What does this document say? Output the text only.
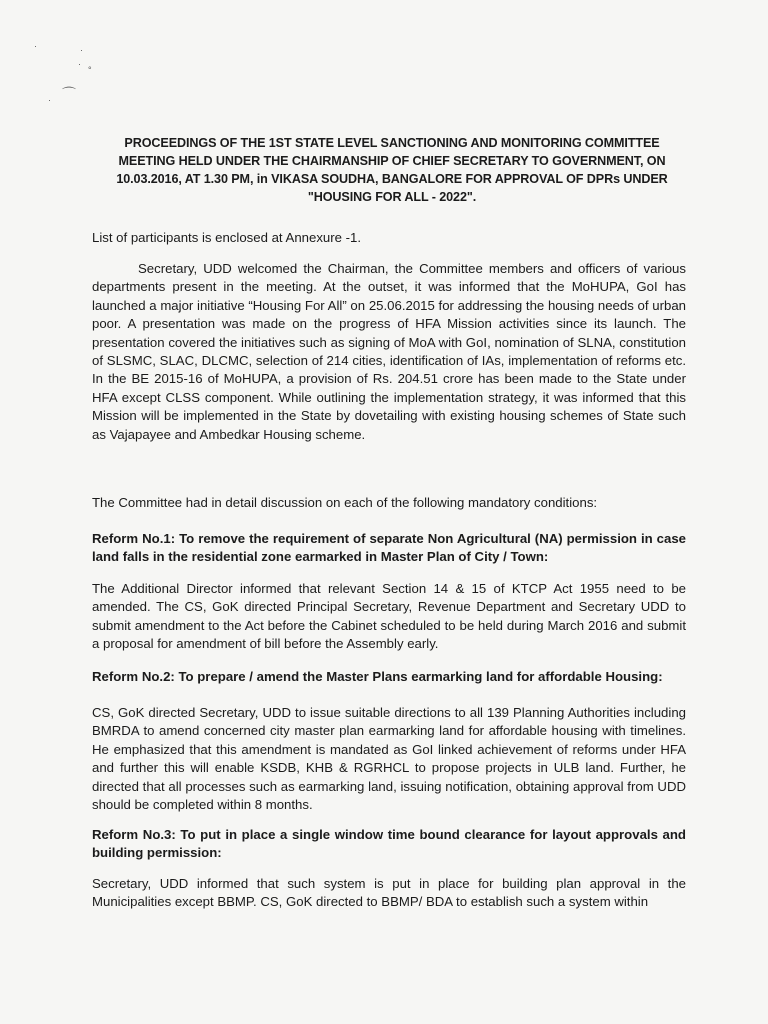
·	·
·
°
· ⌒
PROCEEDINGS OF THE 1ST STATE LEVEL SANCTIONING AND MONITORING COMMITTEE MEETING HELD UNDER THE CHAIRMANSHIP OF CHIEF SECRETARY TO GOVERNMENT, ON 10.03.2016, AT 1.30 PM, in VIKASA SOUDHA, BANGALORE FOR APPROVAL OF DPRs UNDER "HOUSING FOR ALL - 2022".
List of participants is enclosed at Annexure -1.
Secretary, UDD welcomed the Chairman, the Committee members and officers of various departments present in the meeting. At the outset, it was informed that the MoHUPA, GoI has launched a major initiative “Housing For All” on 25.06.2015 for addressing the housing needs of urban poor. A presentation was made on the progress of HFA Mission activities since its launch. The presentation covered the initiatives such as signing of MoA with GoI, nomination of SLNA, constitution of SLSMC, SLAC, DLCMC, selection of 214 cities, identification of IAs, implementation of reforms etc. In the BE 2015-16 of MoHUPA, a provision of Rs. 204.51 crore has been made to the State under HFA except CLSS component. While outlining the implementation strategy, it was informed that this Mission will be implemented in the State by dovetailing with existing housing schemes of State such as Vajapayee and Ambedkar Housing scheme.
The Committee had in detail discussion on each of the following mandatory conditions:
Reform No.1: To remove the requirement of separate Non Agricultural (NA) permission in case land falls in the residential zone earmarked in Master Plan of City / Town:
The Additional Director informed that relevant Section 14 & 15 of KTCP Act 1955 need to be amended. The CS, GoK directed Principal Secretary, Revenue Department and Secretary UDD to submit amendment to the Act before the Cabinet scheduled to be held during March 2016 and submit a proposal for amendment of bill before the Assembly early.
Reform No.2: To prepare / amend the Master Plans earmarking land for affordable Housing:
CS, GoK directed Secretary, UDD to issue suitable directions to all 139 Planning Authorities including BMRDA to amend concerned city master plan earmarking land for affordable housing with timelines. He emphasized that this amendment is mandated as GoI linked achievement of reforms under HFA and further this will enable KSDB, KHB & RGRHCL to propose projects in ULB land. Further, he directed that all processes such as earmarking land, issuing notification, obtaining approval from UDD should be completed within 8 months.
Reform No.3: To put in place a single window time bound clearance for layout approvals and building permission:
Secretary, UDD informed that such system is put in place for building plan approval in the Municipalities except BBMP. CS, GoK directed to BBMP/ BDA to establish such a system within
